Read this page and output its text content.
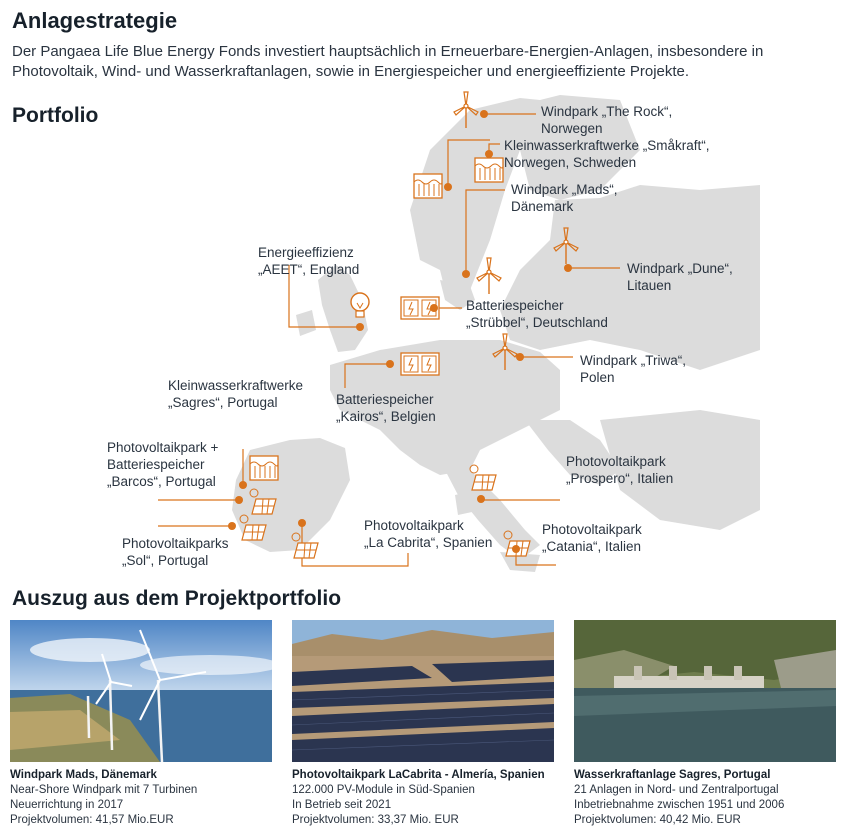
Anlagestrategie
Der Pangaea Life Blue Energy Fonds investiert hauptsächlich in Erneuerbare-Energien-Anlagen, insbesondere in Photovoltaik, Wind- und Wasserkraftanlagen, sowie in Energiespeicher und energieeffiziente Projekte.
Portfolio	Windpark „The Rock“,
Norwegen
Kleinwasserkraftwerke „Småkraft“,
Norwegen, Schweden
Windpark „Mads“,
Dänemark
Energieeffizienz
„AEET“, England	Windpark „Dune“,
Litauen
Batteriespeicher
„Strübbel“, Deutschland
Windpark „Triwa“,
Polen
Kleinwasserkraftwerke
„Sagres“, Portugal	Batteriespeicher
„Kairos“, Belgien
Photovoltaikpark +
Batteriespeicher
„Barcos“, Portugal
Photovoltaikpark
„Prospero“, Italien
Photovoltaikparks
„Sol“, Portugal
Photovoltaikpark
„La Cabrita“, Spanien
Photovoltaikpark
„Catania“, Italien
Auszug aus dem Projektportfolio
Windpark Mads, Dänemark
Near-Shore Windpark mit 7 Turbinen
Neuerrichtung in 2017
Projektvolumen: 41,57 Mio.EUR
Photovoltaikpark LaCabrita - Almería, Spanien
122.000 PV-Module in Süd-Spanien
In Betrieb seit 2021
Projektvolumen: 33,37 Mio. EUR
Wasserkraftanlage Sagres, Portugal
21 Anlagen in Nord- und Zentralportugal
Inbetriebnahme zwischen 1951 und 2006
Projektvolumen: 40,42 Mio. EUR
